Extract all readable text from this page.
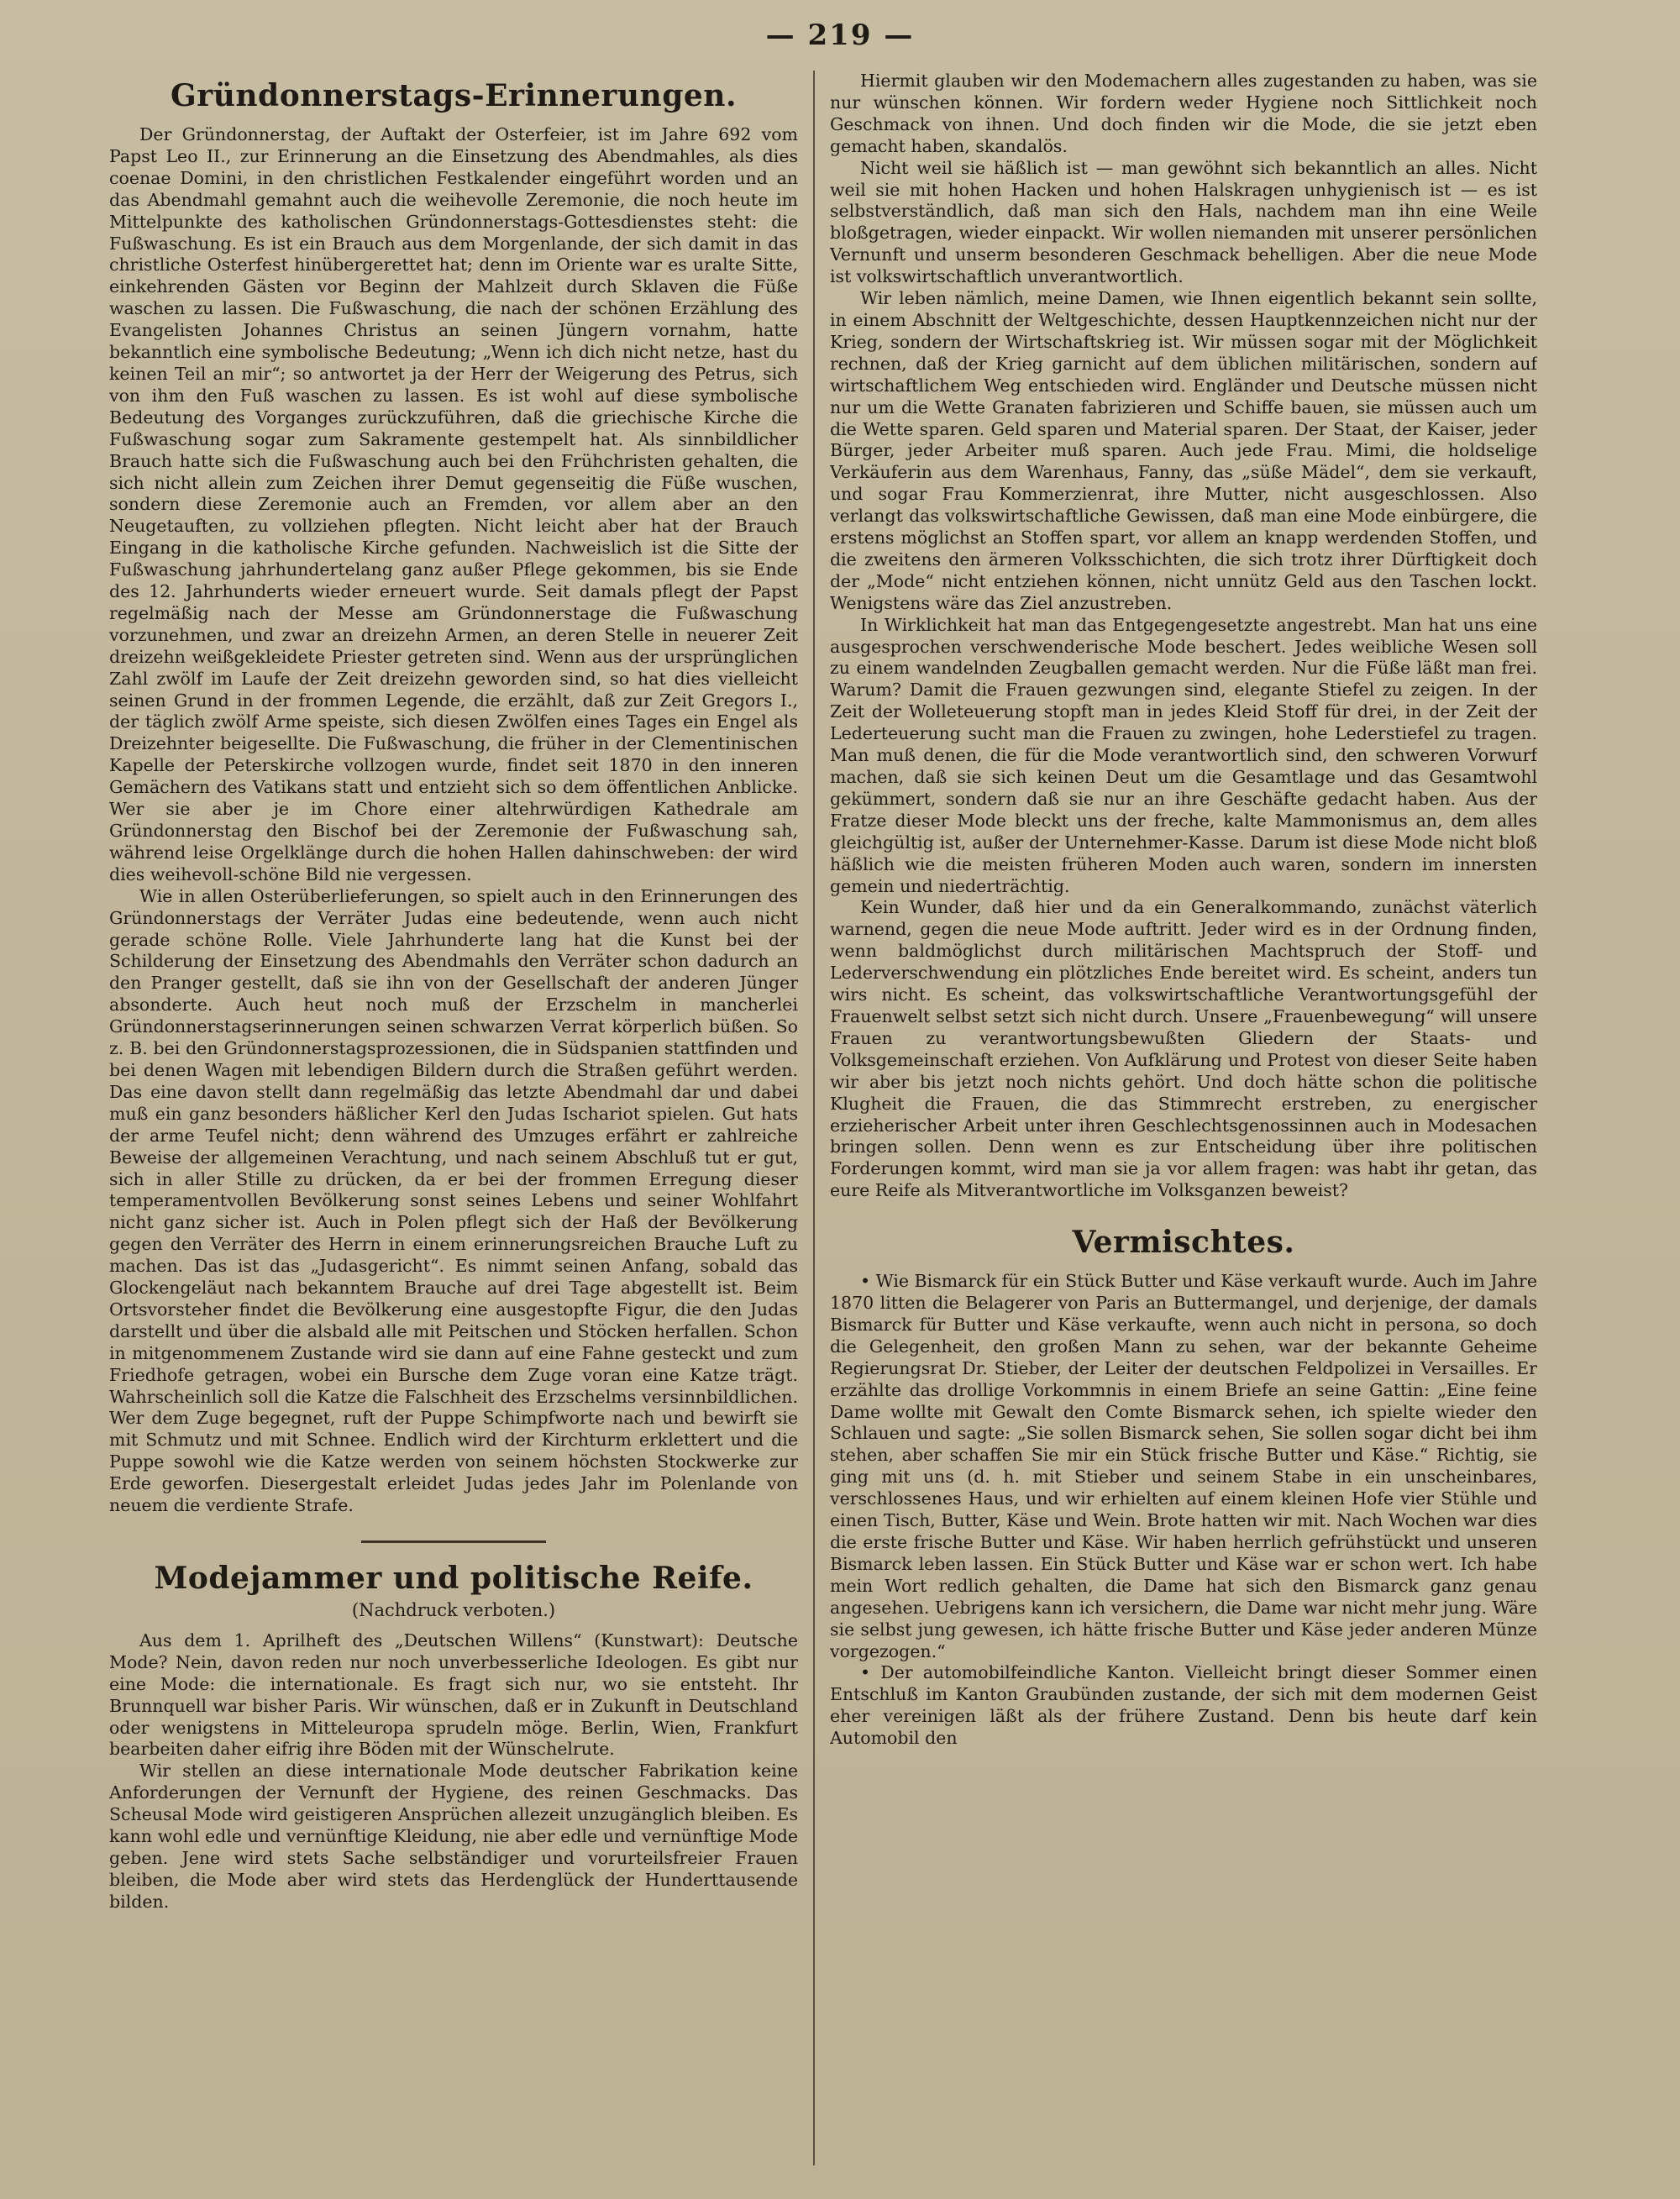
— 219 —
Gründonnerstags-Erinnerungen.

Der Gründonnerstag, der Auftakt der Osterfeier, ist im Jahre 692 vom Papst Leo II., zur Erinnerung an die Einsetzung des Abendmahles, als dies coenae Domini, in den christlichen Festkalender eingeführt worden und an das Abendmahl gemahnt auch die weihevolle Zeremonie, die noch heute im Mittelpunkte des katholischen Gründonnerstags-Gottesdienstes steht: die Fußwaschung. Es ist ein Brauch aus dem Morgenlande, der sich damit in das christliche Osterfest hinübergerettet hat; denn im Oriente war es uralte Sitte, einkehrenden Gästen vor Beginn der Mahlzeit durch Sklaven die Füße waschen zu lassen. Die Fußwaschung, die nach der schönen Erzählung des Evangelisten Johannes Christus an seinen Jüngern vornahm, hatte bekanntlich eine symbolische Bedeutung; „Wenn ich dich nicht netze, hast du keinen Teil an mir“; so antwortet ja der Herr der Weigerung des Petrus, sich von ihm den Fuß waschen zu lassen. Es ist wohl auf diese symbolische Bedeutung des Vorganges zurückzuführen, daß die griechische Kirche die Fußwaschung sogar zum Sakramente gestempelt hat. Als sinnbildlicher Brauch hatte sich die Fußwaschung auch bei den Frühchristen gehalten, die sich nicht allein zum Zeichen ihrer Demut gegenseitig die Füße wuschen, sondern diese Zeremonie auch an Fremden, vor allem aber an den Neugetauften, zu vollziehen pflegten. Nicht leicht aber hat der Brauch Eingang in die katholische Kirche gefunden. Nachweislich ist die Sitte der Fußwaschung jahrhundertelang ganz außer Pflege gekommen, bis sie Ende des 12. Jahrhunderts wieder erneuert wurde. Seit damals pflegt der Papst regelmäßig nach der Messe am Gründonnerstage die Fußwaschung vorzunehmen, und zwar an dreizehn Armen, an deren Stelle in neuerer Zeit dreizehn weißgekleidete Priester getreten sind. Wenn aus der ursprünglichen Zahl zwölf im Laufe der Zeit dreizehn geworden sind, so hat dies vielleicht seinen Grund in der frommen Legende, die erzählt, daß zur Zeit Gregors I., der täglich zwölf Arme speiste, sich diesen Zwölfen eines Tages ein Engel als Dreizehnter beigesellte. Die Fußwaschung, die früher in der Clementinischen Kapelle der Peterskirche vollzogen wurde, findet seit 1870 in den inneren Gemächern des Vatikans statt und entzieht sich so dem öffentlichen Anblicke. Wer sie aber je im Chore einer altehrwürdigen Kathedrale am Gründonnerstag den Bischof bei der Zeremonie der Fußwaschung sah, während leise Orgelklänge durch die hohen Hallen dahinschweben: der wird dies weihevoll-schöne Bild nie vergessen.

Wie in allen Osterüberlieferungen, so spielt auch in den Erinnerungen des Gründonnerstags der Verräter Judas eine bedeutende, wenn auch nicht gerade schöne Rolle. Viele Jahrhunderte lang hat die Kunst bei der Schilderung der Einsetzung des Abendmahls den Verräter schon dadurch an den Pranger gestellt, daß sie ihn von der Gesellschaft der anderen Jünger absonderte. Auch heut noch muß der Erzschelm in mancherlei Gründonnerstagserinnerungen seinen schwarzen Verrat körperlich büßen. So z. B. bei den Gründonnerstagsprozessionen, die in Südspanien stattfinden und bei denen Wagen mit lebendigen Bildern durch die Straßen geführt werden. Das eine davon stellt dann regelmäßig das letzte Abendmahl dar und dabei muß ein ganz besonders häßlicher Kerl den Judas Ischariot spielen. Gut hats der arme Teufel nicht; denn während des Umzuges erfährt er zahlreiche Beweise der allgemeinen Verachtung, und nach seinem Abschluß tut er gut, sich in aller Stille zu drücken, da er bei der frommen Erregung dieser temperamentvollen Bevölkerung sonst seines Lebens und seiner Wohlfahrt nicht ganz sicher ist. Auch in Polen pflegt sich der Haß der Bevölkerung gegen den Verräter des Herrn in einem erinnerungsreichen Brauche Luft zu machen. Das ist das „Judasgericht“. Es nimmt seinen Anfang, sobald das Glockengeläut nach bekanntem Brauche auf drei Tage abgestellt ist. Beim Ortsvorsteher findet die Bevölkerung eine ausgestopfte Figur, die den Judas darstellt und über die alsbald alle mit Peitschen und Stöcken herfallen. Schon in mitgenommenem Zustande wird sie dann auf eine Fahne gesteckt und zum Friedhofe getragen, wobei ein Bursche dem Zuge voran eine Katze trägt. Wahrscheinlich soll die Katze die Falschheit des Erzschelms versinnbildlichen. Wer dem Zuge begegnet, ruft der Puppe Schimpfworte nach und bewirft sie mit Schmutz und mit Schnee. Endlich wird der Kirchturm erklettert und die Puppe sowohl wie die Katze werden von seinem höchsten Stockwerke zur Erde geworfen. Diesergestalt erleidet Judas jedes Jahr im Polenlande von neuem die verdiente Strafe.

Modejammer und politische Reife.
(Nachdruck verboten.)

Aus dem 1. Aprilheft des „Deutschen Willens“ (Kunstwart): Deutsche Mode? Nein, davon reden nur noch unverbesserliche Ideologen. Es gibt nur eine Mode: die internationale. Es fragt sich nur, wo sie entsteht. Ihr Brunnquell war bisher Paris. Wir wünschen, daß er in Zukunft in Deutschland oder wenigstens in Mitteleuropa sprudeln möge. Berlin, Wien, Frankfurt bearbeiten daher eifrig ihre Böden mit der Wünschelrute.

Wir stellen an diese internationale Mode deutscher Fabrikation keine Anforderungen der Vernunft der Hygiene, des reinen Geschmacks. Das Scheusal Mode wird geistigeren Ansprüchen allezeit unzugänglich bleiben. Es kann wohl edle und vernünftige Kleidung, nie aber edle und vernünftige Mode geben. Jene wird stets Sache selbständiger und vorurteilsfreier Frauen bleiben, die Mode aber wird stets das Herdenglück der Hunderttausende bilden.

Hiermit glauben wir den Modemachern alles zugestanden zu haben, was sie nur wünschen können. Wir fordern weder Hygiene noch Sittlichkeit noch Geschmack von ihnen. Und doch finden wir die Mode, die sie jetzt eben gemacht haben, skandalös.

Nicht weil sie häßlich ist — man gewöhnt sich bekanntlich an alles. Nicht weil sie mit hohen Hacken und hohen Halskragen unhygienisch ist — es ist selbstverständlich, daß man sich den Hals, nachdem man ihn eine Weile bloßgetragen, wieder einpackt. Wir wollen niemanden mit unserer persönlichen Vernunft und unserm besonderen Geschmack behelligen. Aber die neue Mode ist volkswirtschaftlich unverantwortlich.

Wir leben nämlich, meine Damen, wie Ihnen eigentlich bekannt sein sollte, in einem Abschnitt der Weltgeschichte, dessen Hauptkennzeichen nicht nur der Krieg, sondern der Wirtschaftskrieg ist. Wir müssen sogar mit der Möglichkeit rechnen, daß der Krieg garnicht auf dem üblichen militärischen, sondern auf wirtschaftlichem Weg entschieden wird. Engländer und Deutsche müssen nicht nur um die Wette Granaten fabrizieren und Schiffe bauen, sie müssen auch um die Wette sparen. Geld sparen und Material sparen. Der Staat, der Kaiser, jeder Bürger, jeder Arbeiter muß sparen. Auch jede Frau. Mimi, die holdselige Verkäuferin aus dem Warenhaus, Fanny, das „süße Mädel“, dem sie verkauft, und sogar Frau Kommerzienrat, ihre Mutter, nicht ausgeschlossen. Also verlangt das volkswirtschaftliche Gewissen, daß man eine Mode einbürgere, die erstens möglichst an Stoffen spart, vor allem an knapp werdenden Stoffen, und die zweitens den ärmeren Volksschichten, die sich trotz ihrer Dürftigkeit doch der „Mode“ nicht entziehen können, nicht unnütz Geld aus den Taschen lockt. Wenigstens wäre das Ziel anzustreben.

In Wirklichkeit hat man das Entgegengesetzte angestrebt. Man hat uns eine ausgesprochen verschwenderische Mode beschert. Jedes weibliche Wesen soll zu einem wandelnden Zeugballen gemacht werden. Nur die Füße läßt man frei. Warum? Damit die Frauen gezwungen sind, elegante Stiefel zu zeigen. In der Zeit der Wolleteuerung stopft man in jedes Kleid Stoff für drei, in der Zeit der Lederteuerung sucht man die Frauen zu zwingen, hohe Lederstiefel zu tragen. Man muß denen, die für die Mode verantwortlich sind, den schweren Vorwurf machen, daß sie sich keinen Deut um die Gesamtlage und das Gesamtwohl gekümmert, sondern daß sie nur an ihre Geschäfte gedacht haben. Aus der Fratze dieser Mode bleckt uns der freche, kalte Mammonismus an, dem alles gleichgültig ist, außer der Unternehmer-Kasse. Darum ist diese Mode nicht bloß häßlich wie die meisten früheren Moden auch waren, sondern im innersten gemein und niederträchtig.

Kein Wunder, daß hier und da ein Generalkommando, zunächst väterlich warnend, gegen die neue Mode auftritt. Jeder wird es in der Ordnung finden, wenn baldmöglichst durch militärischen Machtspruch der Stoff- und Lederverschwendung ein plötzliches Ende bereitet wird. Es scheint, anders tun wirs nicht. Es scheint, das volkswirtschaftliche Verantwortungsgefühl der Frauenwelt selbst setzt sich nicht durch. Unsere „Frauenbewegung“ will unsere Frauen zu verantwortungsbewußten Gliedern der Staats- und Volksgemeinschaft erziehen. Von Aufklärung und Protest von dieser Seite haben wir aber bis jetzt noch nichts gehört. Und doch hätte schon die politische Klugheit die Frauen, die das Stimmrecht erstreben, zu energischer erzieherischer Arbeit unter ihren Geschlechtsgenossinnen auch in Modesachen bringen sollen. Denn wenn es zur Entscheidung über ihre politischen Forderungen kommt, wird man sie ja vor allem fragen: was habt ihr getan, das eure Reife als Mitverantwortliche im Volksganzen beweist?

Vermischtes.

• Wie Bismarck für ein Stück Butter und Käse verkauft wurde. Auch im Jahre 1870 litten die Belagerer von Paris an Buttermangel, und derjenige, der damals Bismarck für Butter und Käse verkaufte, wenn auch nicht in persona, so doch die Gelegenheit, den großen Mann zu sehen, war der bekannte Geheime Regierungsrat Dr. Stieber, der Leiter der deutschen Feldpolizei in Versailles. Er erzählte das drollige Vorkommnis in einem Briefe an seine Gattin: „Eine feine Dame wollte mit Gewalt den Comte Bismarck sehen, ich spielte wieder den Schlauen und sagte: „Sie sollen Bismarck sehen, Sie sollen sogar dicht bei ihm stehen, aber schaffen Sie mir ein Stück frische Butter und Käse.“ Richtig, sie ging mit uns (d. h. mit Stieber und seinem Stabe in ein unscheinbares, verschlossenes Haus, und wir erhielten auf einem kleinen Hofe vier Stühle und einen Tisch, Butter, Käse und Wein. Brote hatten wir mit. Nach Wochen war dies die erste frische Butter und Käse. Wir haben herrlich gefrühstückt und unseren Bismarck leben lassen. Ein Stück Butter und Käse war er schon wert. Ich habe mein Wort redlich gehalten, die Dame hat sich den Bismarck ganz genau angesehen. Uebrigens kann ich versichern, die Dame war nicht mehr jung. Wäre sie selbst jung gewesen, ich hätte frische Butter und Käse jeder anderen Münze vorgezogen.“

• Der automobilfeindliche Kanton. Vielleicht bringt dieser Sommer einen Entschluß im Kanton Graubünden zustande, der sich mit dem modernen Geist eher vereinigen läßt als der frühere Zustand. Denn bis heute darf kein Automobil den
